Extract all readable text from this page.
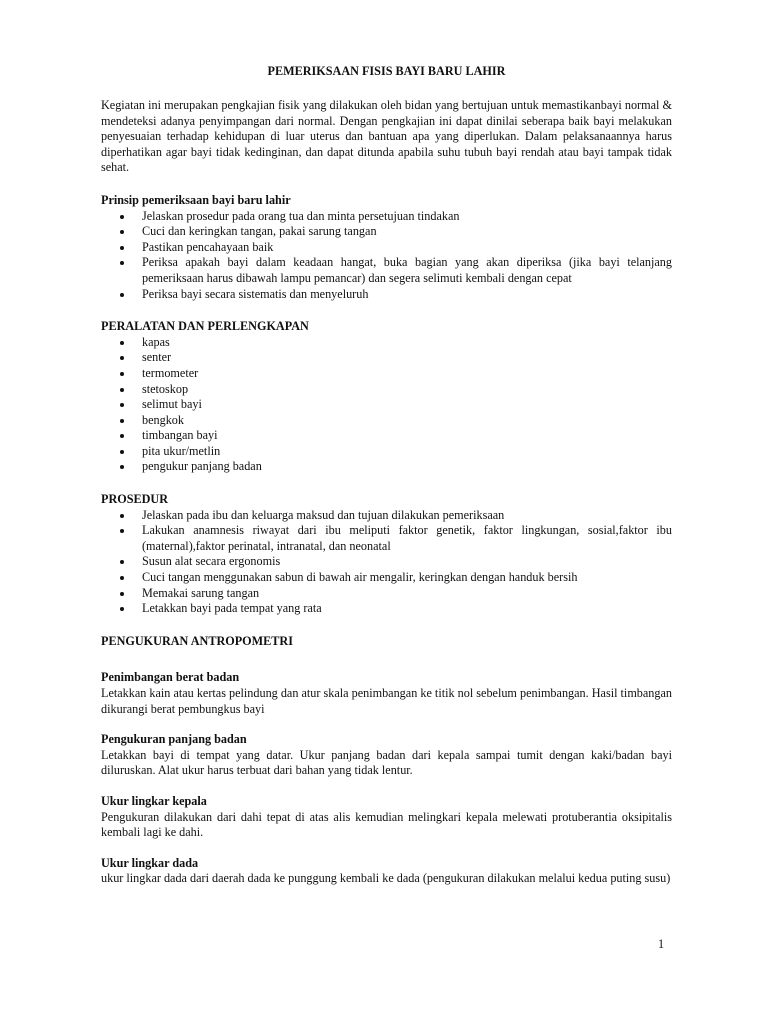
PEMERIKSAAN FISIS BAYI BARU LAHIR

Kegiatan ini merupakan pengkajian fisik yang dilakukan oleh bidan yang bertujuan untuk memastikanbayi normal & mendeteksi adanya penyimpangan dari normal. Dengan pengkajian ini dapat dinilai seberapa baik bayi melakukan penyesuaian terhadap kehidupan di luar uterus dan bantuan apa yang diperlukan. Dalam pelaksanaannya harus diperhatikan agar bayi tidak kedinginan, dan dapat ditunda apabila suhu tubuh bayi rendah atau bayi tampak tidak sehat.

Prinsip pemeriksaan bayi baru lahir

Jelaskan prosedur pada orang tua dan minta persetujuan tindakan
Cuci dan keringkan tangan, pakai sarung tangan
Pastikan pencahayaan baik
Periksa apakah bayi dalam keadaan hangat, buka bagian yang akan diperiksa (jika bayi telanjang pemeriksaan harus dibawah lampu pemancar) dan segera selimuti kembali dengan cepat
Periksa bayi secara sistematis dan menyeluruh

PERALATAN DAN PERLENGKAPAN

kapas
senter
termometer
stetoskop
selimut bayi
bengkok
timbangan bayi
pita ukur/metlin
pengukur panjang badan

PROSEDUR

Jelaskan pada ibu dan keluarga maksud dan tujuan dilakukan pemeriksaan
Lakukan anamnesis riwayat dari ibu meliputi faktor genetik, faktor lingkungan, sosial,faktor ibu (maternal),faktor perinatal, intranatal, dan neonatal
Susun alat secara ergonomis
Cuci tangan menggunakan sabun di bawah air mengalir, keringkan dengan handuk bersih
Memakai sarung tangan
Letakkan bayi pada tempat yang rata

PENGUKURAN ANTROPOMETRI

Penimbangan berat badan

Letakkan kain atau kertas pelindung dan atur skala penimbangan ke titik nol sebelum penimbangan. Hasil timbangan dikurangi berat pembungkus bayi

Pengukuran panjang badan

Letakkan bayi di tempat yang datar. Ukur panjang badan dari kepala sampai tumit dengan kaki/badan bayi diluruskan. Alat ukur harus terbuat dari bahan yang tidak lentur.

Ukur lingkar kepala

Pengukuran dilakukan dari dahi tepat di atas alis kemudian melingkari kepala melewati protuberantia oksipitalis kembali lagi ke dahi.

Ukur lingkar dada

ukur lingkar dada dari daerah dada ke punggung kembali ke dada (pengukuran dilakukan melalui kedua puting susu)

1
